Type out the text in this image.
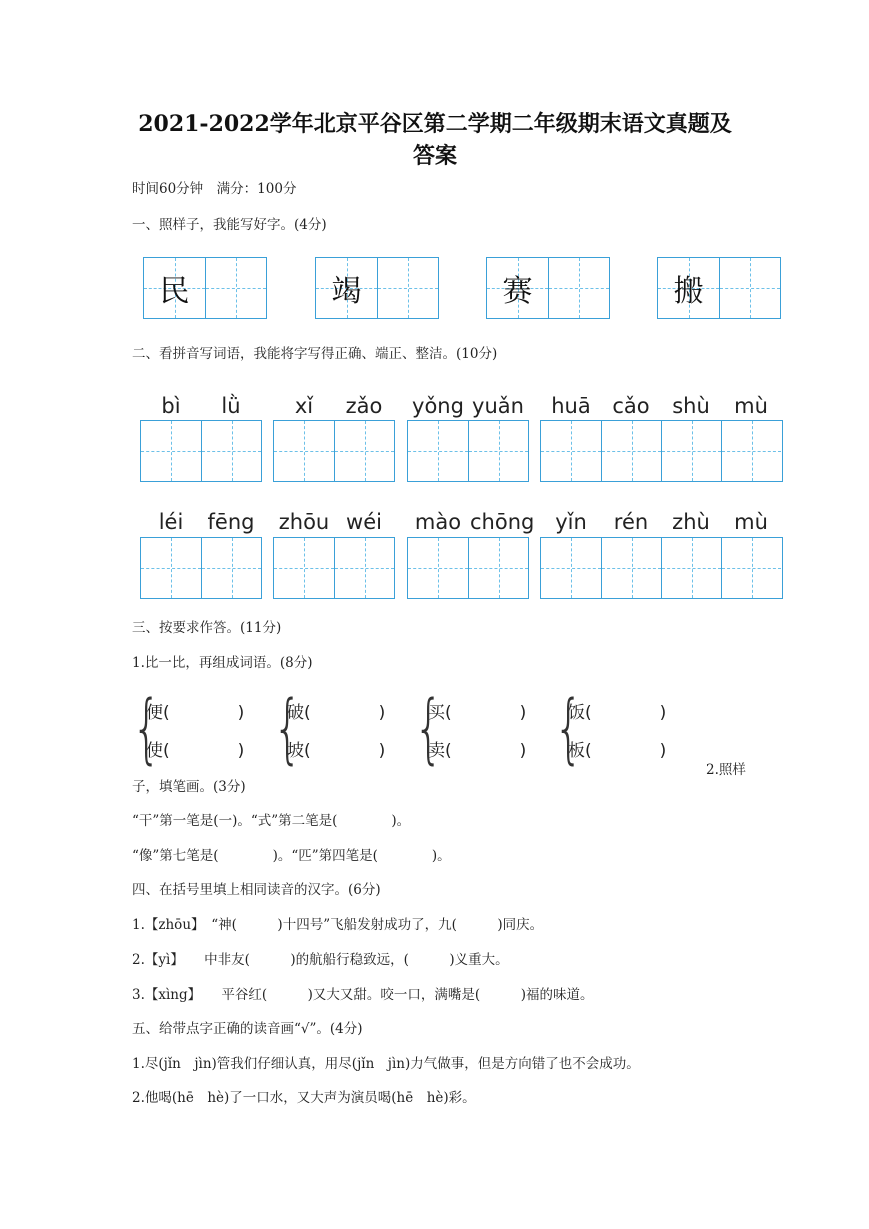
2021-2022学年北京平谷区第二学期二年级期末语文真题及
答案
时间60分钟　满分：100分
一、照样子，我能写好字。(4分)
民	竭	赛	搬
二、看拼音写词语，我能将字写得正确、端正、整洁。(10分)
bì	lǜ	xǐ	zǎo	yǒng yuǎn	huā	cǎo	shù	mù
léi	fēng	zhōu wéi	mào chōng yǐn	rén	zhù	mù
三、按要求作答。(11分)
1.比一比，再组成词语。(8分)
{
便(　　　　)
使(　　　　) {
破(　　　　)
坡(　　　　) {
买(　　　　)
卖(　　　　) {
饭(　　　　)
板(　　　　)
2.照样
子，填笔画。(3分)
“干”第一笔是(一)。“式”第二笔是(　　　　)。
“像”第七笔是(　　　　)。“匹”第四笔是(　　　　)。
四、在括号里填上相同读音的汉字。(6分)
1.【zhōu】　“神(　　　)十四号”飞船发射成功了，九(　　　)同庆。
2.【yì】　　中非友(　　　)的航船行稳致远，(　　　)义重大。
3.【xìng】　　平谷红(　　　)又大又甜。咬一口，满嘴是(　　　)福的味道。
五、给带点字正确的读音画“√”。(4分)
1.尽(jǐn　jìn)管我们仔细认真，用尽(jǐn　jìn)力气做事，但是方向错了也不会成功。
2.他喝(hē　hè)了一口水，又大声为演员喝(hē　hè)彩。
